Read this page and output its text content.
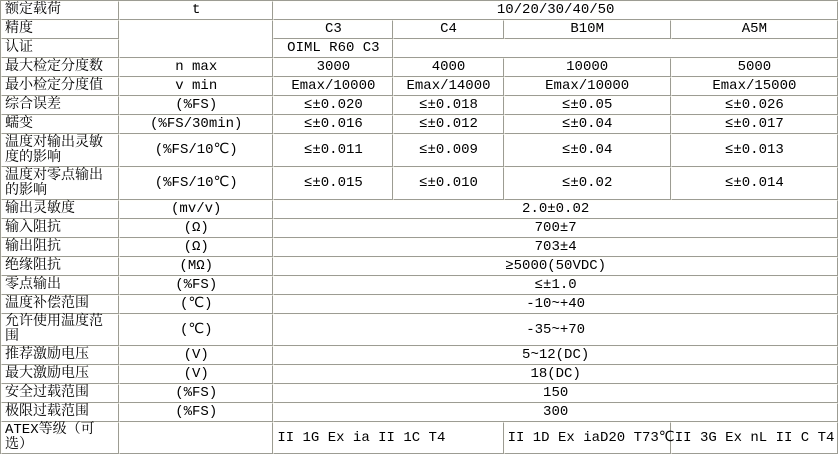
额定载荷	t	10/20/30/40/50			
精度		C3	C4	B10M	A5M
认证		OIML R60 C3			
最大检定分度数	n max	3000	4000	10000	5000
最小检定分度值	v min	Emax/10000	Emax/14000	Emax/10000	Emax/15000
综合误差	(%FS)	≤±0.020	≤±0.018	≤±0.05	≤±0.026
蠕变	(%FS/30min)	≤±0.016	≤±0.012	≤±0.04	≤±0.017
温度对输出灵敏度的影响	(%FS/10℃)	≤±0.011	≤±0.009	≤±0.04	≤±0.013
温度对零点输出的影响	(%FS/10℃)	≤±0.015	≤±0.010	≤±0.02	≤±0.014
输出灵敏度	(mv/v)	2.0±0.02			
输入阻抗	(Ω)	700±7			
输出阻抗	(Ω)	703±4			
绝缘阻抗	(MΩ)	≥5000(50VDC)			
零点输出	(%FS)	≤±1.0			
温度补偿范围	(℃)	-10~+40			
允许使用温度范围	(℃)	-35~+70			
推荐激励电压	(V)	5~12(DC)			
最大激励电压	(V)	18(DC)			
安全过载范围	(%FS)	150			
极限过载范围	(%FS)	300			
ATEX等级（可选）		II 1G Ex ia II 1C T4		II 1D Ex iaD20 T73℃	II 3G Ex nL II C T4
